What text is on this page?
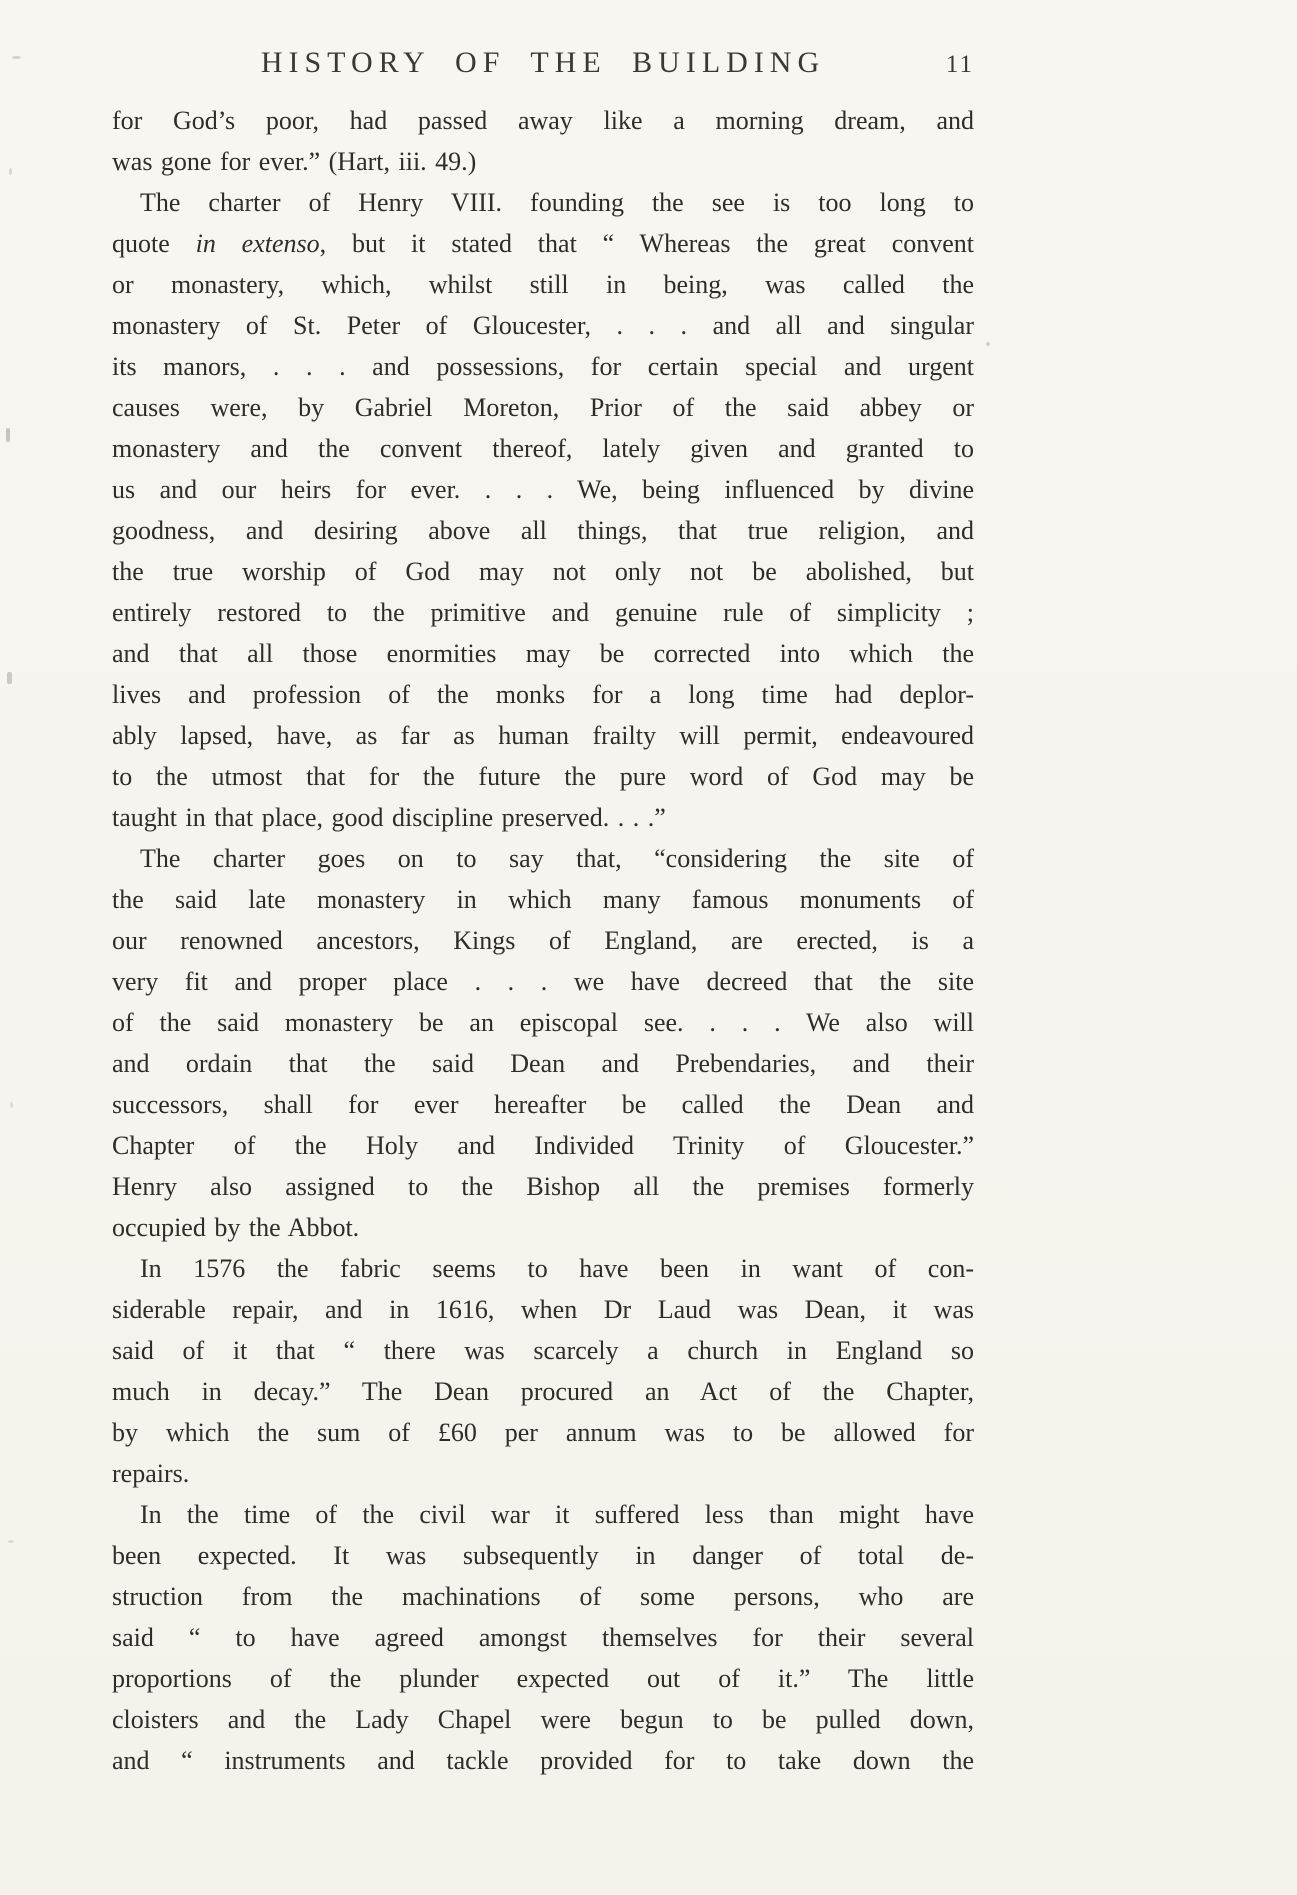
HISTORY OF THE BUILDING	11
for God’s poor, had passed away like a morning dream, and
was gone for ever.” (Hart, iii. 49.)
The charter of Henry VIII. founding the see is too long to
quote in extenso, but it stated that “ Whereas the great convent
or monastery, which, whilst still in being, was called the
monastery of St. Peter of Gloucester, . . . and all and singular
its manors, . . . and possessions, for certain special and urgent
causes were, by Gabriel Moreton, Prior of the said abbey or
monastery and the convent thereof, lately given and granted to
us and our heirs for ever. . . . We, being influenced by divine
goodness, and desiring above all things, that true religion, and
the true worship of God may not only not be abolished, but
entirely restored to the primitive and genuine rule of simplicity ;
and that all those enormities may be corrected into which the
lives and profession of the monks for a long time had deplor-
ably lapsed, have, as far as human frailty will permit, endeavoured
to the utmost that for the future the pure word of God may be
taught in that place, good discipline preserved. . . .”
The charter goes on to say that, “considering the site of
the said late monastery in which many famous monuments of
our renowned ancestors, Kings of England, are erected, is a
very fit and proper place . . . we have decreed that the site
of the said monastery be an episcopal see. . . . We also will
and ordain that the said Dean and Prebendaries, and their
successors, shall for ever hereafter be called the Dean and
Chapter of the Holy and Individed Trinity of Gloucester.”
Henry also assigned to the Bishop all the premises formerly
occupied by the Abbot.
In 1576 the fabric seems to have been in want of con-
siderable repair, and in 1616, when Dr Laud was Dean, it was
said of it that “ there was scarcely a church in England so
much in decay.” The Dean procured an Act of the Chapter,
by which the sum of £60 per annum was to be allowed for
repairs.
In the time of the civil war it suffered less than might have
been expected. It was subsequently in danger of total de-
struction from the machinations of some persons, who are
said “ to have agreed amongst themselves for their several
proportions of the plunder expected out of it.” The little
cloisters and the Lady Chapel were begun to be pulled down,
and “ instruments and tackle provided for to take down the
